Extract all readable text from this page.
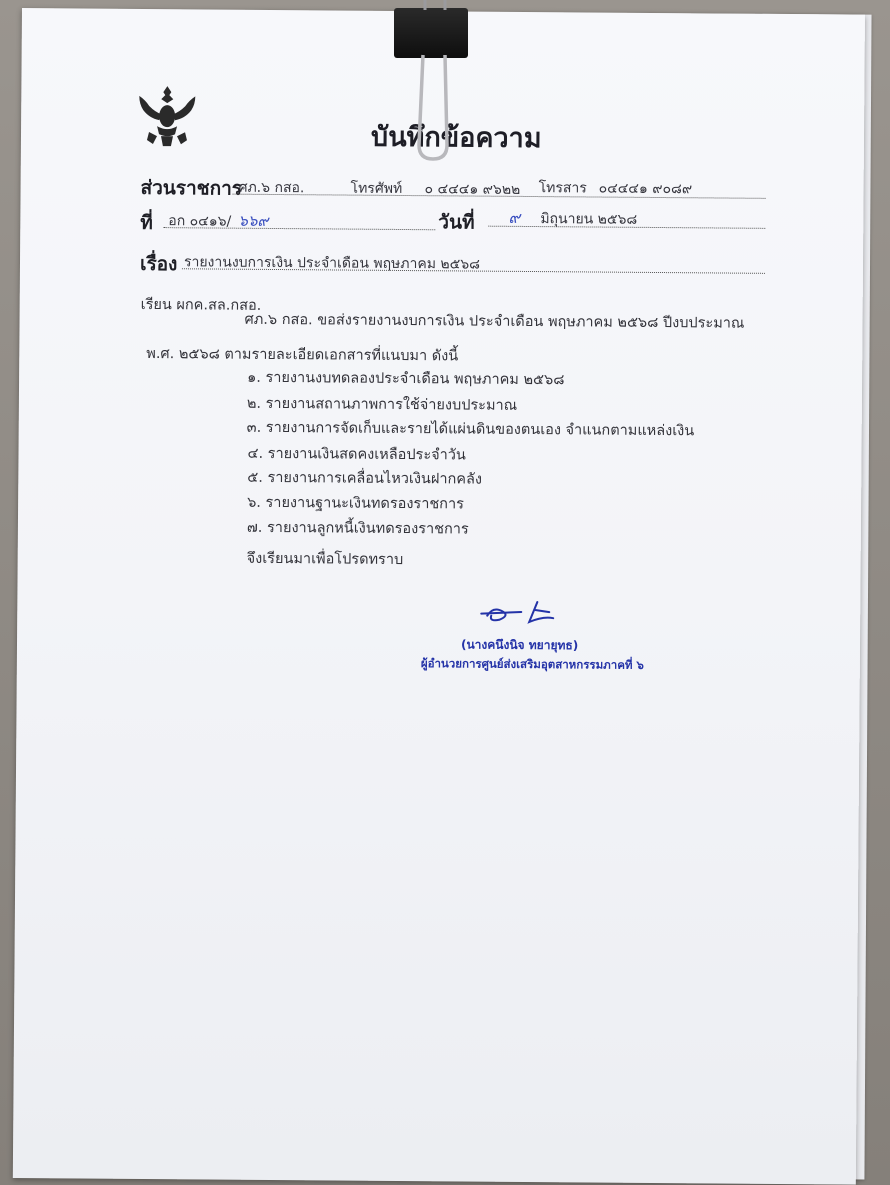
บันทึกข้อความ
ส่วนราชการ
ศภ.๖ กสอ.	โทรศัพท์ ๐ ๔๔๔๑ ๙๖๒๒ โทรสาร ๐๔๔๔๑ ๙๐๘๙
ที่ อก ๐๔๑๖/ ๖๖๙	วันที่ ๙ มิถุนายน ๒๕๖๘
เรื่อง รายงานงบการเงิน ประจำเดือน พฤษภาคม ๒๕๖๘
เรียน ผกค.สล.กสอ.
ศภ.๖ กสอ. ขอส่งรายงานงบการเงิน ประจำเดือน พฤษภาคม ๒๕๖๘ ปีงบประมาณ
พ.ศ. ๒๕๖๘ ตามรายละเอียดเอกสารที่แนบมา ดังนี้
๑. รายงานงบทดลองประจำเดือน พฤษภาคม ๒๕๖๘
๒. รายงานสถานภาพการใช้จ่ายงบประมาณ
๓. รายงานการจัดเก็บและรายได้แผ่นดินของตนเอง จำแนกตามแหล่งเงิน
๔. รายงานเงินสดคงเหลือประจำวัน
๕. รายงานการเคลื่อนไหวเงินฝากคลัง
๖. รายงานฐานะเงินทดรองราชการ
๗. รายงานลูกหนี้เงินทดรองราชการ
จึงเรียนมาเพื่อโปรดทราบ
(นางคนึงนิจ ทยายุทธ)
ผู้อำนวยการศูนย์ส่งเสริมอุตสาหกรรมภาคที่ ๖
